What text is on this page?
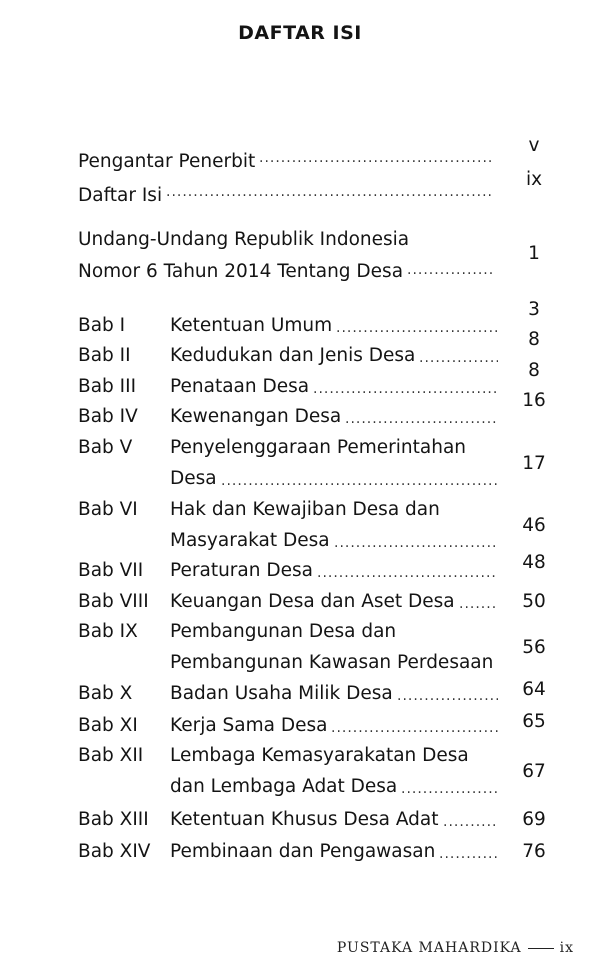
DAFTAR ISI
Pengantar Penerbit
v
.....
Daftar Isi
ix
.....
Undang-Undang Republik Indonesia
Nomor 6 Tahun 2014 Tentang Desa
1
.....
Bab I Ketentuan Umum
3
.....
Bab II Kedudukan dan Jenis Desa
8
.....
Bab III Penataan Desa
8
.....
Bab IV Kewenangan Desa
16
.....
Bab V Penyelenggaraan Pemerintahan
Desa
17
.....
Bab VI Hak dan Kewajiban Desa dan
Masyarakat Desa
46
.....
Bab VII Peraturan Desa	48
.....
Bab VIII Keuangan Desa dan Aset Desa	50
.....
Bab IX Pembangunan Desa dan
Pembangunan Kawasan Perdesaan
56
.....
Bab X Badan Usaha Milik Desa	64
.....
Bab XI Kerja Sama Desa	65
.....
Bab XII Lembaga Kemasyarakatan Desa
dan Lembaga Adat Desa
67
.....
Bab XIII Ketentuan Khusus Desa Adat	69
.....
Bab XIV Pembinaan dan Pengawasan	76
.....
PUSTAKA MAHARDIKA	ix
